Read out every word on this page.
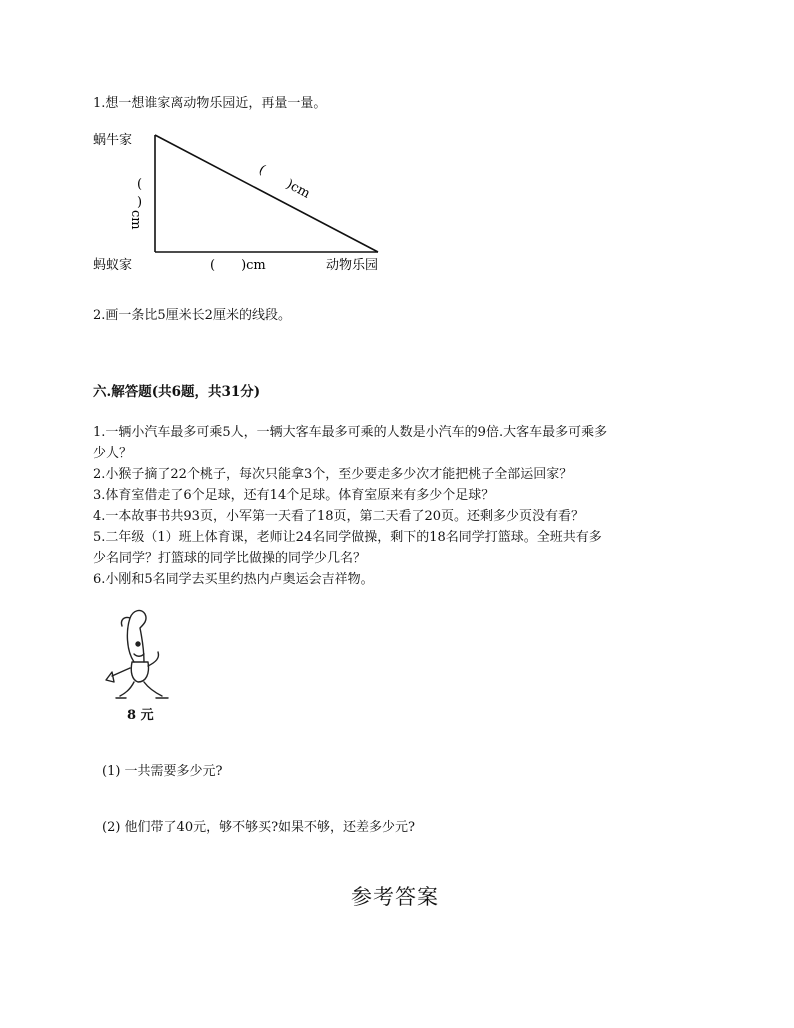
1.想一想谁家离动物乐园近，再量一量。
蜗牛家
蚂蚁家	动物乐园
(　　)cm
(　　)cm
(
)
cm
2.画一条比5厘米长2厘米的线段。
六.解答题(共6题，共31分)
1.一辆小汽车最多可乘5人，一辆大客车最多可乘的人数是小汽车的9倍.大客车最多可乘多
少人？
2.小猴子摘了22个桃子，每次只能拿3个，至少要走多少次才能把桃子全部运回家？
3.体育室借走了6个足球，还有14个足球。体育室原来有多少个足球？
4.一本故事书共93页，小军第一天看了18页，第二天看了20页。还剩多少页没有看？
5.二年级（1）班上体育课，老师让24名同学做操，剩下的18名同学打篮球。全班共有多
少名同学？打篮球的同学比做操的同学少几名？
6.小刚和5名同学去买里约热内卢奥运会吉祥物。
8 元
(1) 一共需要多少元?
(2) 他们带了40元，够不够买?如果不够，还差多少元?
参考答案
